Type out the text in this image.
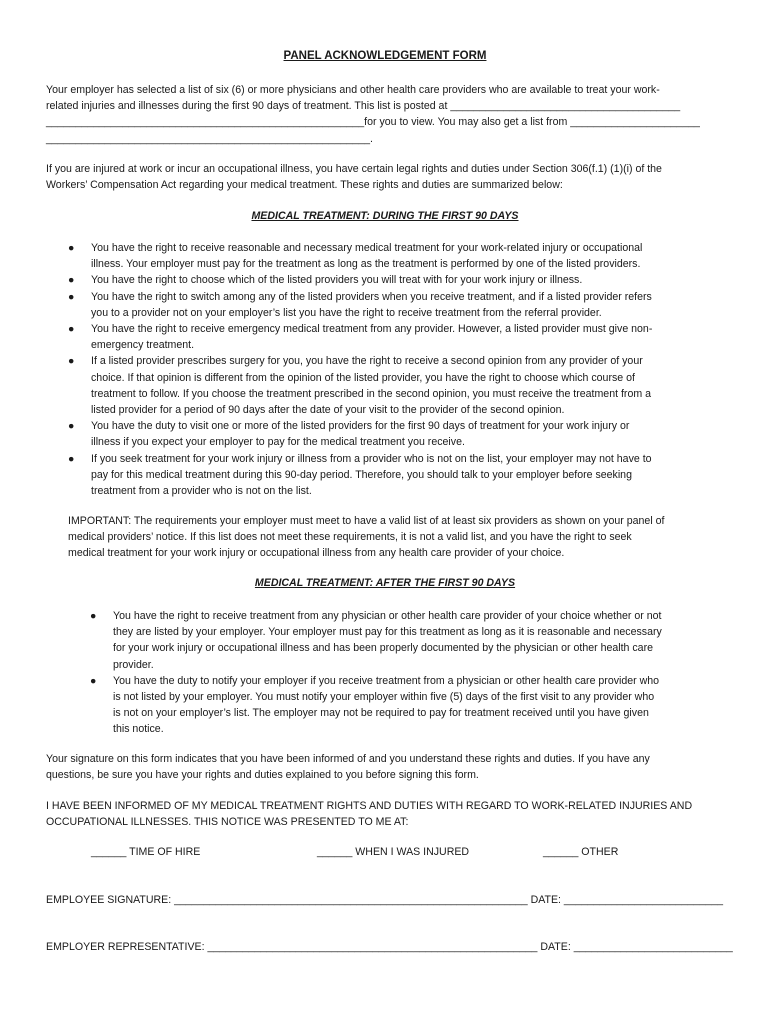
PANEL ACKNOWLEDGEMENT FORM
Your employer has selected a list of six (6) or more physicians and other health care providers who are available to treat your work-
related injuries and illnesses during the first 90 days of treatment. This list is posted at _______________________________________
______________________________________________________for you to view. You may also get a list from ______________________
_______________________________________________________.
If you are injured at work or incur an occupational illness, you have certain legal rights and duties under Section 306(f.1) (1)(i) of the
Workers’ Compensation Act regarding your medical treatment. These rights and duties are summarized below:
MEDICAL TREATMENT: DURING THE FIRST 90 DAYS
● You have the right to receive reasonable and necessary medical treatment for your work-related injury or occupational
illness. Your employer must pay for the treatment as long as the treatment is performed by one of the listed providers.
● You have the right to choose which of the listed providers you will treat with for your work injury or illness.
● You have the right to switch among any of the listed providers when you receive treatment, and if a listed provider refers
you to a provider not on your employer’s list you have the right to receive treatment from the referral provider.
● You have the right to receive emergency medical treatment from any provider. However, a listed provider must give non-
emergency treatment.
● If a listed provider prescribes surgery for you, you have the right to receive a second opinion from any provider of your
choice. If that opinion is different from the opinion of the listed provider, you have the right to choose which course of
treatment to follow. If you choose the treatment prescribed in the second opinion, you must receive the treatment from a
listed provider for a period of 90 days after the date of your visit to the provider of the second opinion.
● You have the duty to visit one or more of the listed providers for the first 90 days of treatment for your work injury or
illness if you expect your employer to pay for the medical treatment you receive.
● If you seek treatment for your work injury or illness from a provider who is not on the list, your employer may not have to
pay for this medical treatment during this 90-day period. Therefore, you should talk to your employer before seeking
treatment from a provider who is not on the list.
IMPORTANT: The requirements your employer must meet to have a valid list of at least six providers as shown on your panel of
medical providers’ notice. If this list does not meet these requirements, it is not a valid list, and you have the right to seek
medical treatment for your work injury or occupational illness from any health care provider of your choice.
MEDICAL TREATMENT: AFTER THE FIRST 90 DAYS
● You have the right to receive treatment from any physician or other health care provider of your choice whether or not
they are listed by your employer. Your employer must pay for this treatment as long as it is reasonable and necessary
for your work injury or occupational illness and has been properly documented by the physician or other health care
provider.
● You have the duty to notify your employer if you receive treatment from a physician or other health care provider who
is not listed by your employer. You must notify your employer within five (5) days of the first visit to any provider who
is not on your employer’s list. The employer may not be required to pay for treatment received until you have given
this notice.
Your signature on this form indicates that you have been informed of and you understand these rights and duties. If you have any
questions, be sure you have your rights and duties explained to you before signing this form.
I HAVE BEEN INFORMED OF MY MEDICAL TREATMENT RIGHTS AND DUTIES WITH REGARD TO WORK-RELATED INJURIES AND
OCCUPATIONAL ILLNESSES. THIS NOTICE WAS PRESENTED TO ME AT:
______ TIME OF HIRE	______ WHEN I WAS INJURED	______ OTHER
EMPLOYEE SIGNATURE: ____________________________________________________________ DATE: ___________________________
EMPLOYER REPRESENTATIVE: ________________________________________________________ DATE: ___________________________
